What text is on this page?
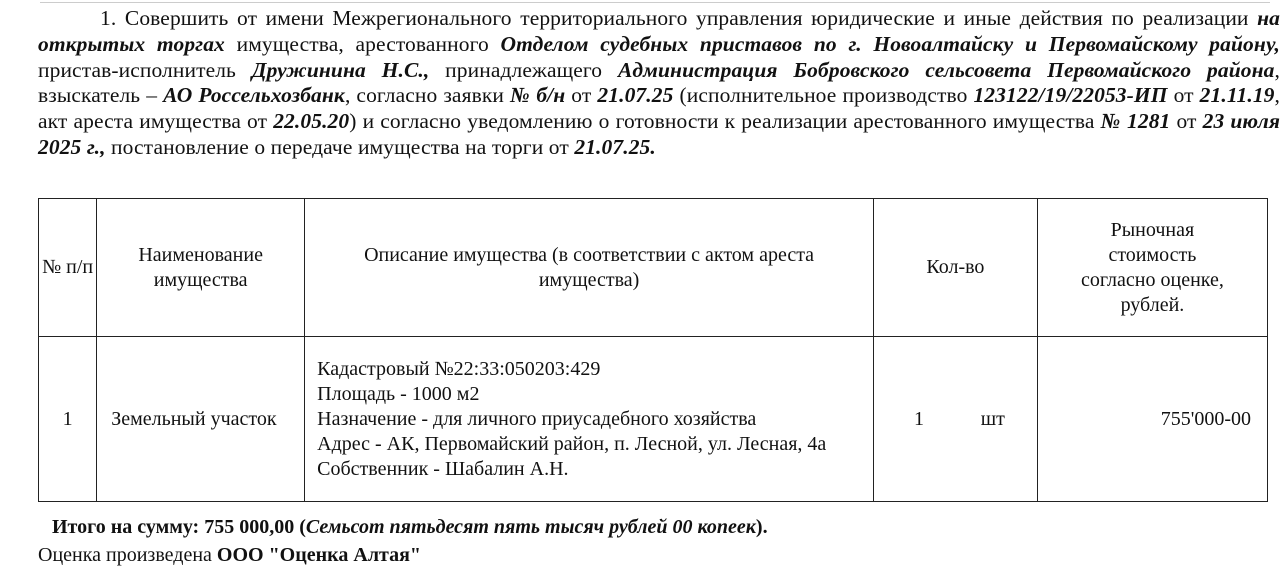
1. Совершить от имени Межрегионального территориального управления юридические и иные действия по реализации на открытых торгах имущества, арестованного Отделом судебных приставов по г. Новоалтайску и Первомайскому району, пристав-исполнитель Дружинина Н.С., принадлежащего Администрация Бобровского сельсовета Первомайского района, взыскатель – АО Россельхозбанк, согласно заявки № б/н от 21.07.25 (исполнительное производство 123122/19/22053-ИП от 21.11.19, акт ареста имущества от 22.05.20) и согласно уведомлению о готовности к реализации арестованного имущества № 1281 от 23 июля 2025 г., постановление о передаче имущества на торги от 21.07.25.
№ п/п	Наименование имущества	Описание имущества (в соответствии с актом ареста имущества)	Кол-во	Рыночная стоимость согласно оценке, рублей.
1	Земельный участок	Кадастровый №22:33:050203:429
Площадь - 1000 м2
Назначение - для личного приусадебного хозяйства
Адрес - АК, Первомайский район, п. Лесной, ул. Лесная, 4а
Собственник - Шабалин А.Н.	1 шт	755'000-00
Итого на сумму: 755 000,00 (Семьсот пятьдесят пять тысяч рублей 00 копеек).
Оценка произведена ООО "Оценка Алтая"
